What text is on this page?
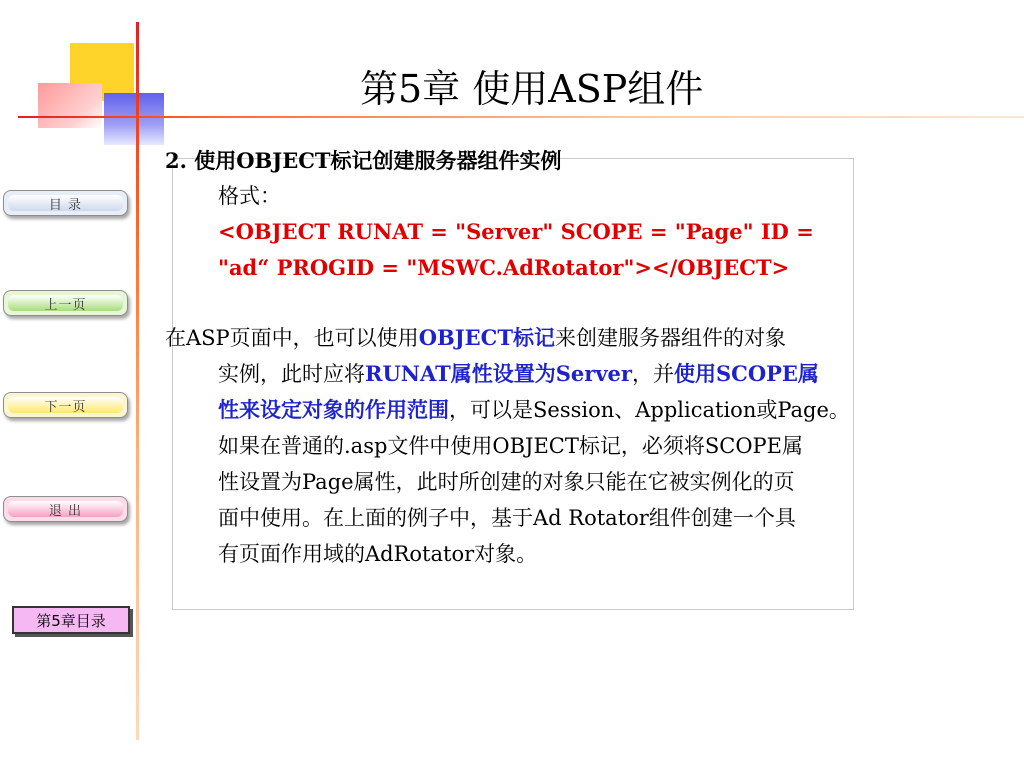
第5章 使用ASP组件
目 录
上一页
下一页
退 出
第5章目录
2. 使用OBJECT标记创建服务器组件实例
格式：
<OBJECT RUNAT = "Server" SCOPE = "Page" ID =
"ad“ PROGID = "MSWC.AdRotator"></OBJECT>
在ASP页面中，也可以使用OBJECT标记来创建服务器组件的对象
实例，此时应将RUNAT属性设置为Server，并使用SCOPE属
性来设定对象的作用范围，可以是Session、Application或Page。
如果在普通的.asp文件中使用OBJECT标记，必须将SCOPE属
性设置为Page属性，此时所创建的对象只能在它被实例化的页
面中使用。在上面的例子中，基于Ad Rotator组件创建一个具
有页面作用域的AdRotator对象。
